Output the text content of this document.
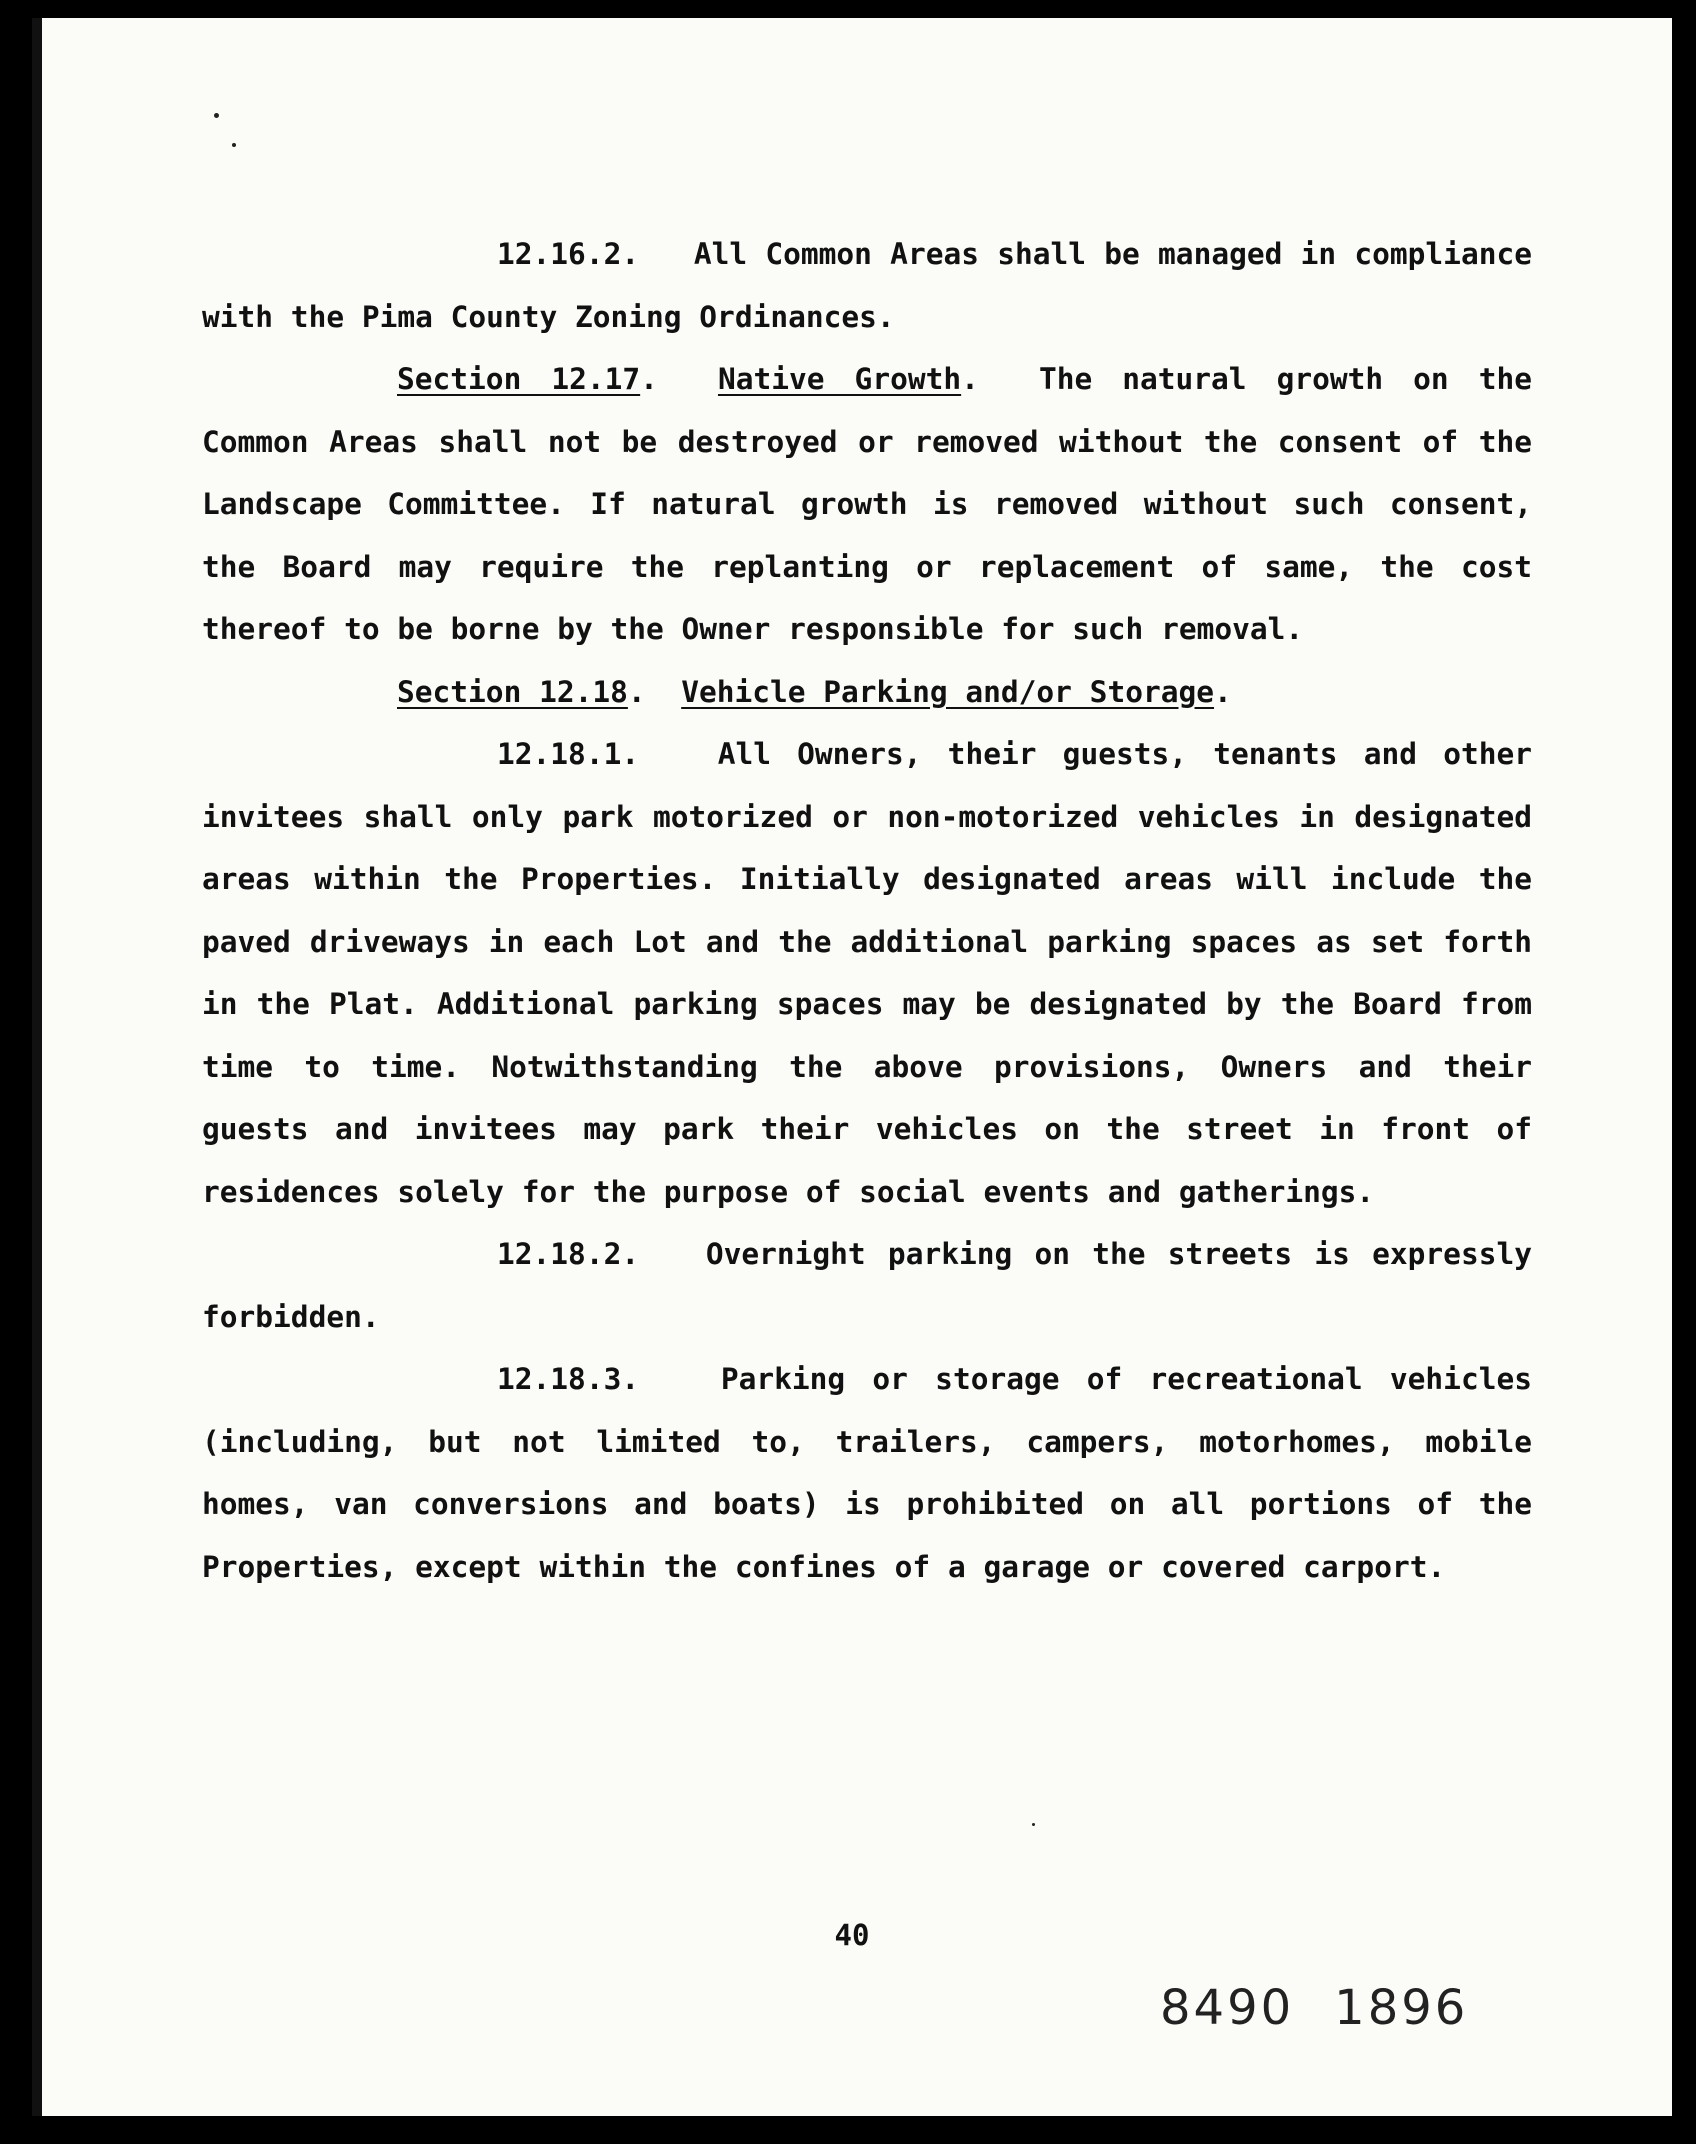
12.16.2. All Common Areas shall be managed in compliance with the Pima County Zoning Ordinances.

Section 12.17.  Native Growth.  The natural growth on the Common Areas shall not be destroyed or removed without the consent of the Landscape Committee. If natural growth is removed without such consent, the Board may require the replanting or replacement of same, the cost thereof to be borne by the Owner responsible for such removal.

Section 12.18.  Vehicle Parking and/or Storage.

12.18.1.	All Owners, their guests, tenants and other invitees shall only park motorized or non-motorized vehicles in designated areas within the Properties. Initially designated areas will include the paved driveways in each Lot and the additional parking spaces as set forth in the Plat. Additional parking spaces may be designated by the Board from time to time. Notwithstanding the above provisions, Owners and their guests and invitees may park their vehicles on the street in front of residences solely for the purpose of social events and gatherings.

12.18.2. Overnight parking on the streets is expressly forbidden.

12.18.3.	Parking or storage of recreational vehicles (including, but not limited to, trailers, campers, motorhomes, mobile homes, van conversions and boats) is prohibited on all portions of the Properties, except within the confines of a garage or covered carport.

40
8490 1896
